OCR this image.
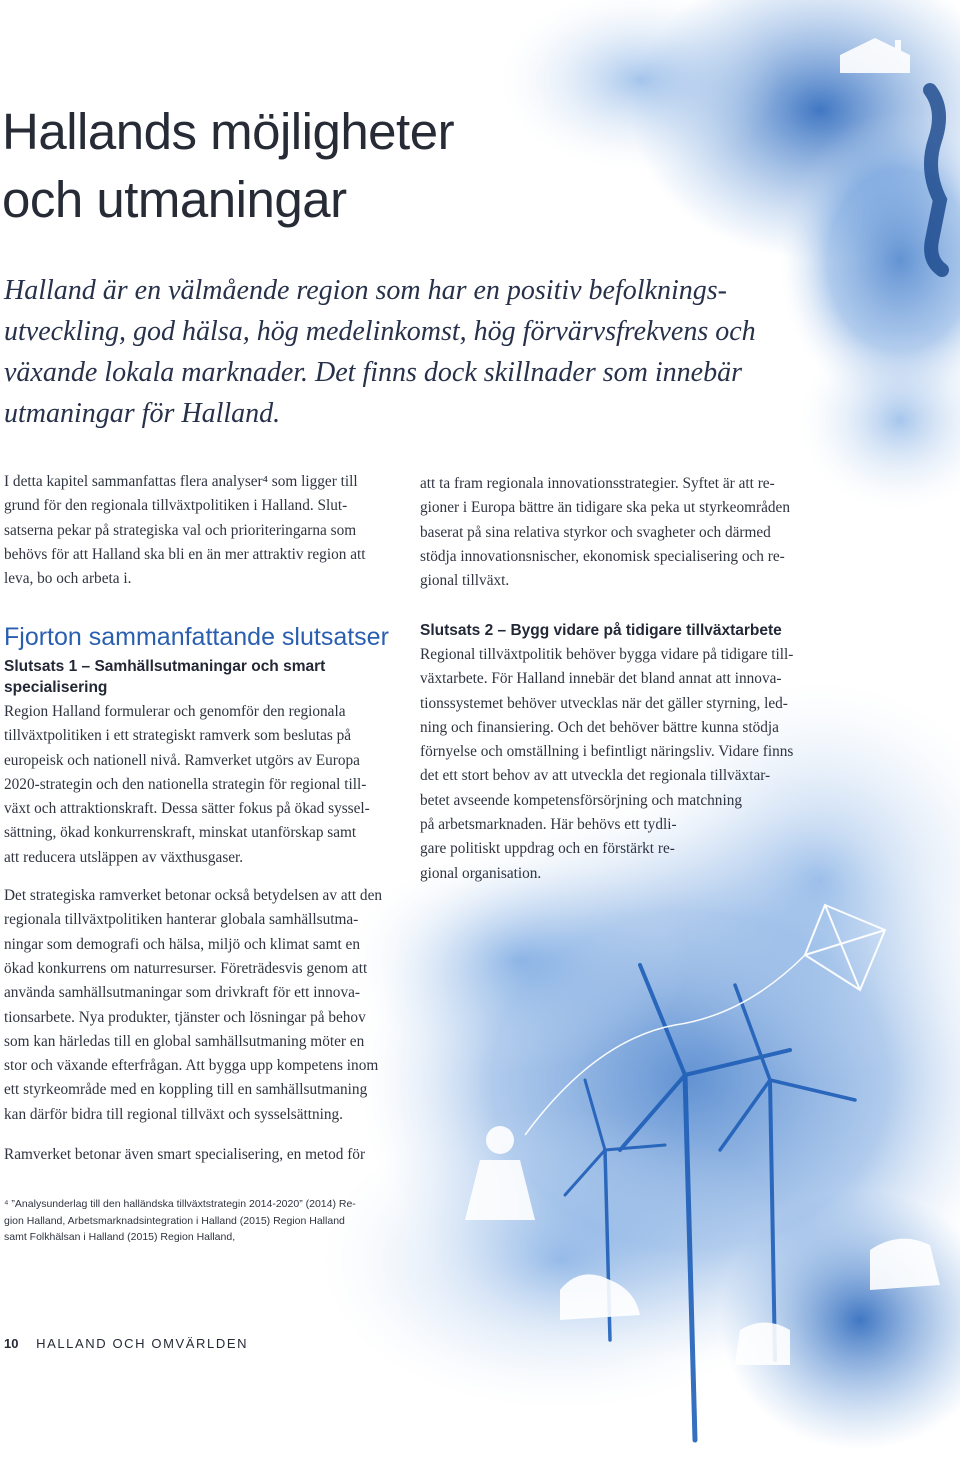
Hallands möjligheter
och utmaningar
Halland är en välmående region som har en positiv befolknings-
utveckling, god hälsa, hög medelinkomst, hög förvärvsfrekvens och
växande lokala marknader. Det finns dock skillnader som innebär
utmaningar för Halland.
I detta kapitel sammanfattas flera analyser⁴ som ligger till
grund för den regionala tillväxtpolitiken i Halland. Slut-
satserna pekar på strategiska val och prioriteringarna som
behövs för att Halland ska bli en än mer attraktiv region att
leva, bo och arbeta i.
Fjorton sammanfattande slutsatser
Slutsats 1 – Samhällsutmaningar och smart
specialisering
Region Halland formulerar och genomför den regionala
tillväxtpolitiken i ett strategiskt ramverk som beslutas på
europeisk och nationell nivå. Ramverket utgörs av Europa
2020-strategin och den nationella strategin för regional till-
växt och attraktionskraft. Dessa sätter fokus på ökad syssel-
sättning, ökad konkurrenskraft, minskat utanförskap samt
att reducera utsläppen av växthusgaser.
Det strategiska ramverket betonar också betydelsen av att den
regionala tillväxtpolitiken hanterar globala samhällsutma-
ningar som demografi och hälsa, miljö och klimat samt en
ökad konkurrens om naturresurser. Företrädesvis genom att
använda samhällsutmaningar som drivkraft för ett innova-
tionsarbete. Nya produkter, tjänster och lösningar på behov
som kan härledas till en global samhällsutmaning möter en
stor och växande efterfrågan. Att bygga upp kompetens inom
ett styrkeområde med en koppling till en samhällsutmaning
kan därför bidra till regional tillväxt och sysselsättning.
Ramverket betonar även smart specialisering, en metod för
att ta fram regionala innovationsstrategier. Syftet är att re-
gioner i Europa bättre än tidigare ska peka ut styrkeområden
baserat på sina relativa styrkor och svagheter och därmed
stödja innovationsnischer, ekonomisk specialisering och re-
gional tillväxt.
Slutsats 2 – Bygg vidare på tidigare tillväxtarbete
Regional tillväxtpolitik behöver bygga vidare på tidigare till-
växtarbete. För Halland innebär det bland annat att innova-
tionssystemet behöver utvecklas när det gäller styrning, led-
ning och finansiering. Och det behöver bättre kunna stödja
förnyelse och omställning i befintligt näringsliv. Vidare finns
det ett stort behov av att utveckla det regionala tillväxtar-
betet avseende kompetensförsörjning och matchning
på arbetsmarknaden. Här behövs ett tydli-
gare politiskt uppdrag och en förstärkt re-
gional organisation.
⁴ ”Analysunderlag till den halländska tillväxtstrategin 2014-2020” (2014) Re-
gion Halland, Arbetsmarknadsintegration i Halland (2015) Region Halland
samt Folkhälsan i Halland (2015) Region Halland,
10 HALLAND OCH OMVÄRLDEN
